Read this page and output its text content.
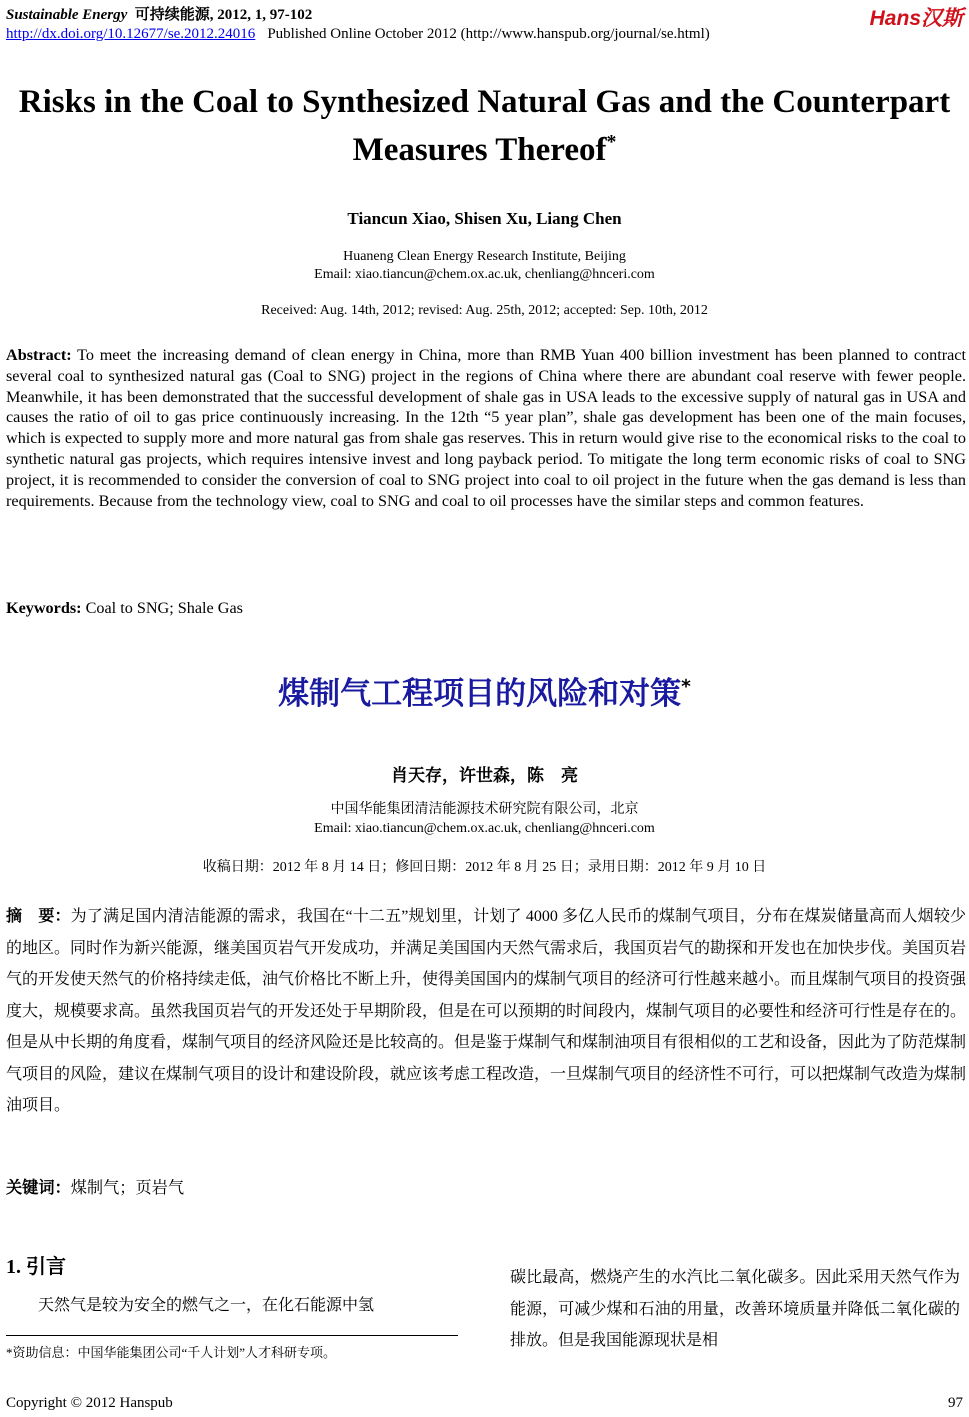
Sustainable Energy 可持续能源, 2012, 1, 97-102
http://dx.doi.org/10.12677/se.2012.24016 Published Online October 2012 (http://www.hanspub.org/journal/se.html)
Hans汉斯
Risks in the Coal to Synthesized Natural Gas and the Counterpart Measures Thereof*
Tiancun Xiao, Shisen Xu, Liang Chen
Huaneng Clean Energy Research Institute, Beijing
Email: xiao.tiancun@chem.ox.ac.uk, chenliang@hnceri.com
Received: Aug. 14th, 2012; revised: Aug. 25th, 2012; accepted: Sep. 10th, 2012
Abstract: To meet the increasing demand of clean energy in China, more than RMB Yuan 400 billion investment has been planned to contract several coal to synthesized natural gas (Coal to SNG) project in the regions of China where there are abundant coal reserve with fewer people. Meanwhile, it has been demonstrated that the successful development of shale gas in USA leads to the excessive supply of natural gas in USA and causes the ratio of oil to gas price continuously increasing. In the 12th “5 year plan”, shale gas development has been one of the main focuses, which is expected to supply more and more natural gas from shale gas reserves. This in return would give rise to the economical risks to the coal to synthetic natural gas projects, which requires intensive invest and long payback period. To mitigate the long term economic risks of coal to SNG project, it is recommended to consider the conversion of coal to SNG project into coal to oil project in the future when the gas demand is less than requirements. Because from the technology view, coal to SNG and coal to oil processes have the similar steps and common features.
Keywords: Coal to SNG; Shale Gas
煤制气工程项目的风险和对策*
肖天存，许世森，陈　亮
中国华能集团清洁能源技术研究院有限公司，北京
Email: xiao.tiancun@chem.ox.ac.uk, chenliang@hnceri.com
收稿日期：2012 年 8 月 14 日；修回日期：2012 年 8 月 25 日；录用日期：2012 年 9 月 10 日
摘　要：为了满足国内清洁能源的需求，我国在“十二五”规划里，计划了 4000 多亿人民币的煤制气项目，分布在煤炭储量高而人烟较少的地区。同时作为新兴能源，继美国页岩气开发成功，并满足美国国内天然气需求后，我国页岩气的勘探和开发也在加快步伐。美国页岩气的开发使天然气的价格持续走低，油气价格比不断上升，使得美国国内的煤制气项目的经济可行性越来越小。而且煤制气项目的投资强度大，规模要求高。虽然我国页岩气的开发还处于早期阶段，但是在可以预期的时间段内，煤制气项目的必要性和经济可行性是存在的。但是从中长期的角度看，煤制气项目的经济风险还是比较高的。但是鉴于煤制气和煤制油项目有很相似的工艺和设备，因此为了防范煤制气项目的风险，建议在煤制气项目的设计和建设阶段，就应该考虑工程改造，一旦煤制气项目的经济性不可行，可以把煤制气改造为煤制油项目。
关键词：煤制气；页岩气
1. 引言
天然气是较为安全的燃气之一，在化石能源中氢
碳比最高，燃烧产生的水汽比二氧化碳多。因此采用天然气作为能源，可减少煤和石油的用量，改善环境质量并降低二氧化碳的排放。但是我国能源现状是相
*资助信息：中国华能集团公司“千人计划”人才科研专项。
Copyright © 2012 Hanspub	97
